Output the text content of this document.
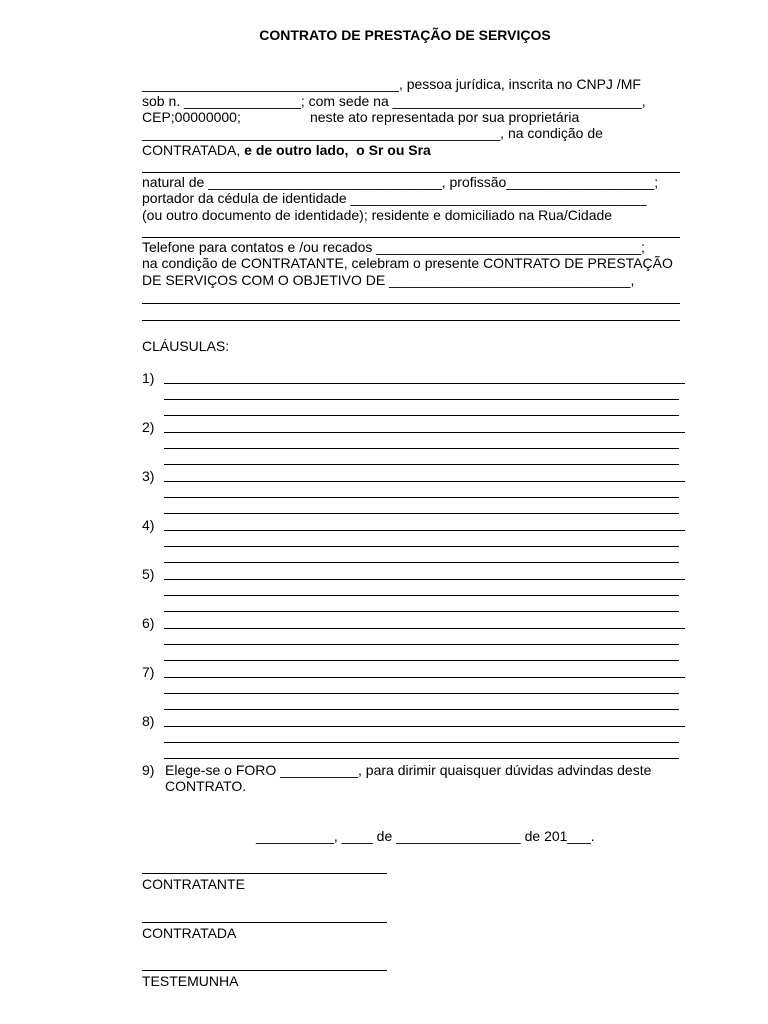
CONTRATO DE PRESTAÇÃO DE SERVIÇOS
_________________________________, pessoa jurídica, inscrita no CNPJ /MF
sob n. _______________; com sede na ________________________________,
CEP;00000000;	neste ato representada por sua proprietária
______________________________________________, na condição de
CONTRATADA, e de outro lado,  o Sr ou Sra
natural de ______________________________, profissão___________________;
portador da cédula de identidade ______________________________________
(ou outro documento de identidade); residente e domiciliado na Rua/Cidade
Telefone para contatos e /ou recados __________________________________;
na condição de CONTRATANTE, celebram o presente CONTRATO DE PRESTAÇÃO
DE SERVIÇOS COM O OBJETIVO DE _______________________________,
CLÁUSULAS:
1)
2)
3)
4)
5)
6)
7)
8)
9) Elege-se o FORO __________, para dirimir quaisquer dúvidas advindas deste
CONTRATO.
__________, ____ de ________________ de 201___.
CONTRATANTE
CONTRATADA
TESTEMUNHA
